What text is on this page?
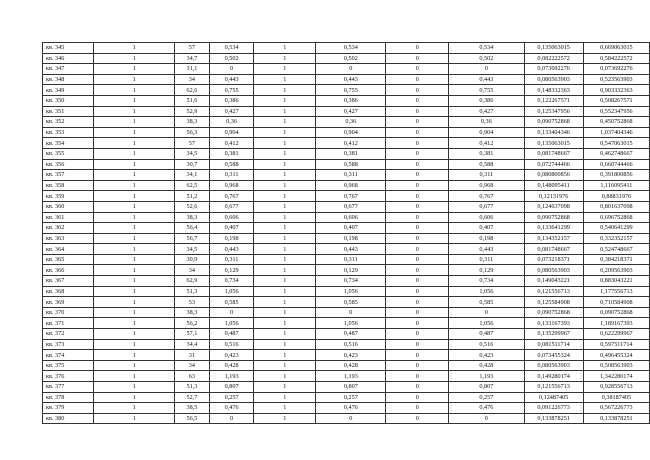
кв. 345	1	57	0,534	1	0,534	0	0,534	0,135063015	0,669063015
кв. 346	1	34,7	0,502	1	0,502	0	0,502	0,082222572	0,584222572
кв. 347	1	31,1	0	1	0	0	0	0,073692276	0,073692276
кв. 348	1	34	0,443	1	0,443	0	0,443	0,080563903	0,523563903
кв. 349	1	62,6	0,755	1	0,755	0	0,755	0,148332363	0,903332363
кв. 350	1	51,6	0,386	1	0,386	0	0,386	0,122267571	0,508267571
кв. 351	1	52,9	0,427	1	0,427	0	0,427	0,125347956	0,552347956
кв. 352	1	38,3	0,36	1	0,36	0	0,36	0,090752868	0,450752868
кв. 353	1	56,3	0,904	1	0,904	0	0,904	0,133404346	1,037404346
кв. 354	1	57	0,412	1	0,412	0	0,412	0,135063015	0,547063015
кв. 355	1	34,5	0,381	1	0,381	0	0,381	0,081748667	0,462748667
кв. 356	1	30,7	0,588	1	0,588	0	0,588	0,072744466	0,660744466
кв. 357	1	34,1	0,311	1	0,311	0	0,311	0,080800856	0,391800856
кв. 358	1	62,5	0,968	1	0,968	0	0,968	0,148095411	1,116095411
кв. 359	1	51,2	0,767	1	0,767	0	0,767	0,12131976	0,88831976
кв. 360	1	52,6	0,677	1	0,677	0	0,677	0,124637098	0,801637098
кв. 361	1	38,3	0,606	1	0,606	0	0,606	0,090752868	0,696752868
кв. 362	1	56,4	0,407	1	0,407	0	0,407	0,133641299	0,540641299
кв. 363	1	56,7	0,198	1	0,198	0	0,198	0,134352157	0,332352157
кв. 364	1	34,5	0,443	1	0,443	0	0,443	0,081748667	0,524748667
кв. 365	1	30,9	0,311	1	0,311	0	0,311	0,073218371	0,384218371
кв. 366	1	34	0,129	1	0,129	0	0,129	0,080563903	0,209563903
кв. 367	1	62,9	0,734	1	0,734	0	0,734	0,149043221	0,883043221
кв. 368	1	51,3	1,056	1	1,056	0	1,056	0,121556713	1,177556713
кв. 369	1	53	0,585	1	0,585	0	0,585	0,125584908	0,710584908
кв. 370	1	38,3	0	1	0	0	0	0,090752868	0,090752868
кв. 371	1	56,2	1,056	1	1,056	0	1,056	0,133167393	1,189167393
кв. 372	1	57,1	0,487	1	0,487	0	0,487	0,135299967	0,622299967
кв. 373	1	34,4	0,516	1	0,516	0	0,516	0,081511714	0,597511714
кв. 374	1	31	0,423	1	0,423	0	0,423	0,073455324	0,496455324
кв. 375	1	34	0,428	1	0,428	0	0,428	0,080563903	0,508563903
кв. 376	1	63	1,193	1	1,193	0	1,193	0,149280174	1,342280174
кв. 377	1	51,3	0,807	1	0,807	0	0,807	0,121556713	0,928556713
кв. 378	1	52,7	0,257	1	0,257	0	0,257	0,12487405	0,38187405
кв. 379	1	38,5	0,476	1	0,476	0	0,476	0,091226773	0,567226773
кв. 380	1	56,5	0	1	0	0	0	0,133878251	0,133878251
